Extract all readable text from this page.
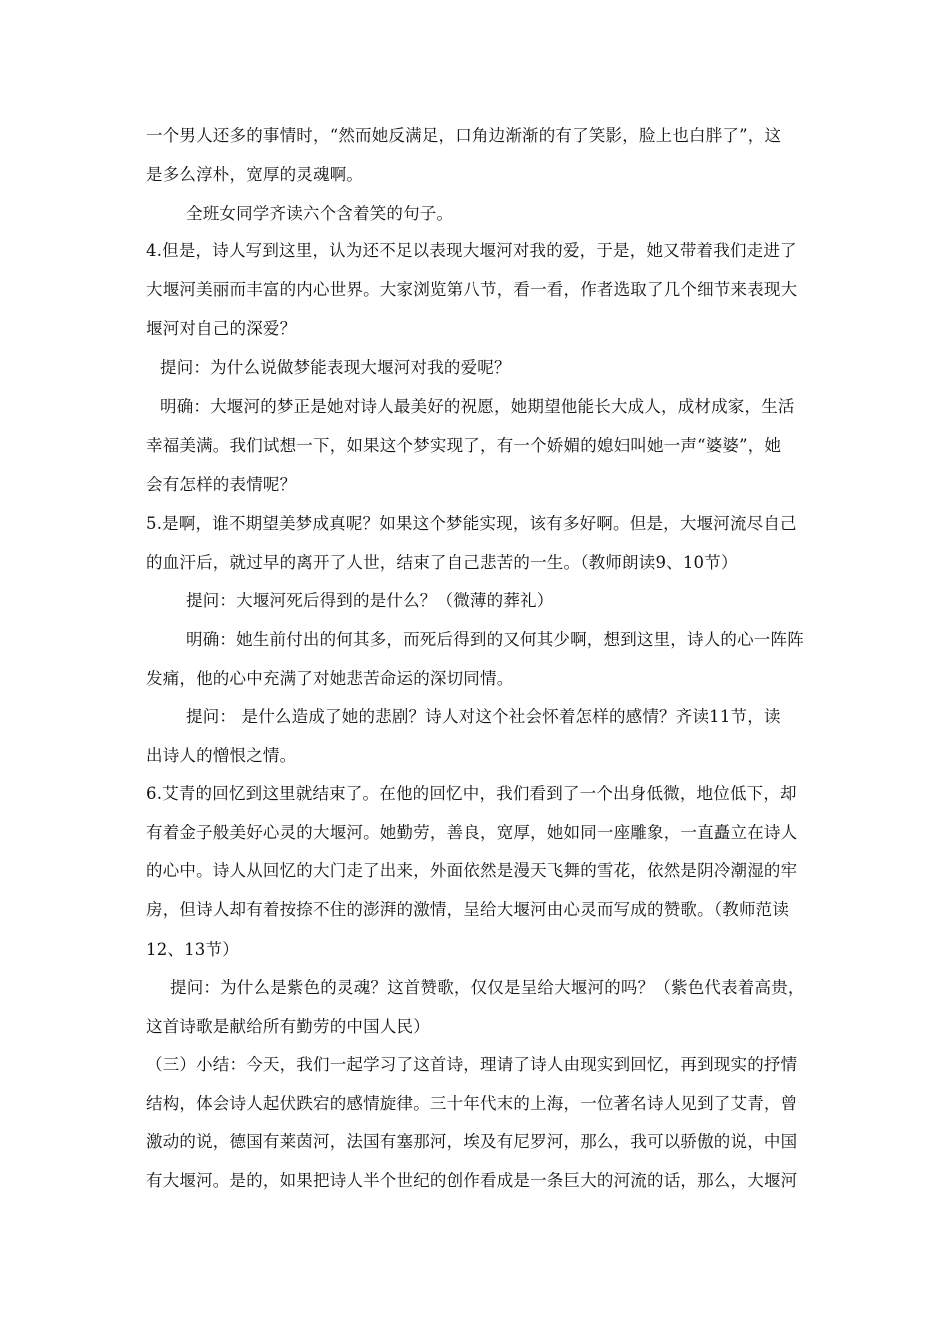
一个男人还多的事情时，“然而她反满足，口角边渐渐的有了笑影，脸上也白胖了”，这
是多么淳朴，宽厚的灵魂啊。
全班女同学齐读六个含着笑的句子。
4.但是，诗人写到这里，认为还不足以表现大堰河对我的爱，于是，她又带着我们走进了
大堰河美丽而丰富的内心世界。大家浏览第八节，看一看，作者选取了几个细节来表现大
堰河对自己的深爱？
提问：为什么说做梦能表现大堰河对我的爱呢？
明确：大堰河的梦正是她对诗人最美好的祝愿，她期望他能长大成人，成材成家，生活
幸福美满。我们试想一下，如果这个梦实现了，有一个娇媚的媳妇叫她一声“婆婆”，她
会有怎样的表情呢？
5.是啊，谁不期望美梦成真呢？如果这个梦能实现，该有多好啊。但是，大堰河流尽自己
的血汗后，就过早的离开了人世，结束了自己悲苦的一生。（教师朗读9、10节）
提问：大堰河死后得到的是什么？（微薄的葬礼）
明确：她生前付出的何其多，而死后得到的又何其少啊，想到这里，诗人的心一阵阵
发痛，他的心中充满了对她悲苦命运的深切同情。
提问： 是什么造成了她的悲剧？诗人对这个社会怀着怎样的感情？齐读11节，读
出诗人的憎恨之情。
6.艾青的回忆到这里就结束了。在他的回忆中，我们看到了一个出身低微，地位低下，却
有着金子般美好心灵的大堰河。她勤劳，善良，宽厚，她如同一座雕象，一直矗立在诗人
的心中。诗人从回忆的大门走了出来，外面依然是漫天飞舞的雪花，依然是阴冷潮湿的牢
房，但诗人却有着按捺不住的澎湃的激情，呈给大堰河由心灵而写成的赞歌。（教师范读
12、13节）
提问：为什么是紫色的灵魂？这首赞歌，仅仅是呈给大堰河的吗？（紫色代表着高贵，
这首诗歌是献给所有勤劳的中国人民）
（三）小结：今天，我们一起学习了这首诗，理请了诗人由现实到回忆，再到现实的抒情
结构，体会诗人起伏跌宕的感情旋律。三十年代末的上海，一位著名诗人见到了艾青，曾
激动的说，德国有莱茵河，法国有塞那河，埃及有尼罗河，那么，我可以骄傲的说，中国
有大堰河。是的，如果把诗人半个世纪的创作看成是一条巨大的河流的话，那么，大堰河
